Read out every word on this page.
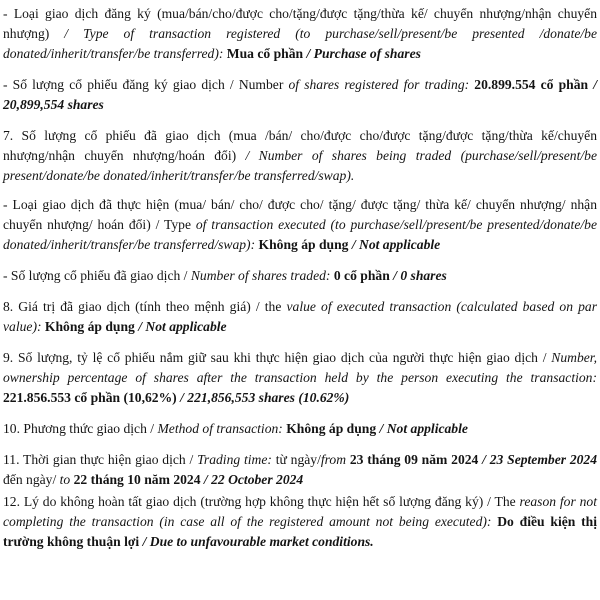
- Loại giao dịch đăng ký (mua/bán/cho/được cho/tặng/được tặng/thừa kế/ chuyển nhượng/nhận chuyển nhượng) / Type of transaction registered (to purchase/sell/present/be presented /donate/be donated/inherit/transfer/be transferred): Mua cổ phần / Purchase of shares

- Số lượng cổ phiếu đăng ký giao dịch / Number of shares registered for trading: 20.899.554 cổ phần / 20,899,554 shares

7. Số lượng cổ phiếu đã giao dịch (mua /bán/ cho/được cho/được tặng/được tặng/thừa kế/chuyển nhượng/nhận chuyển nhượng/hoán đổi) / Number of shares being traded (purchase/sell/present/be present/donate/be donated/inherit/transfer/be transferred/swap).

- Loại giao dịch đã thực hiện (mua/ bán/ cho/ được cho/ tặng/ được tặng/ thừa kế/ chuyển nhượng/ nhận chuyển nhượng/ hoán đổi) / Type of transaction executed (to purchase/sell/present/be presented/donate/be donated/inherit/transfer/be transferred/swap): Không áp dụng / Not applicable

- Số lượng cổ phiếu đã giao dịch / Number of shares traded: 0 cổ phần / 0 shares

8. Giá trị đã giao dịch (tính theo mệnh giá) / the value of executed transaction (calculated based on par value): Không áp dụng / Not applicable

9. Số lượng, tỷ lệ cổ phiếu nắm giữ sau khi thực hiện giao dịch của người thực hiện giao dịch / Number, ownership percentage of shares after the transaction held by the person executing the transaction: 221.856.553 cổ phần (10,62%) / 221,856,553 shares (10.62%)

10. Phương thức giao dịch / Method of transaction: Không áp dụng / Not applicable

11. Thời gian thực hiện giao dịch / Trading time: từ ngày/from 23 tháng 09 năm 2024 / 23 September 2024 đến ngày/ to 22 tháng 10 năm 2024 / 22 October 2024

12. Lý do không hoàn tất giao dịch (trường hợp không thực hiện hết số lượng đăng ký) / The reason for not completing the transaction (in case all of the registered amount not being executed): Do điều kiện thị trường không thuận lợi / Due to unfavourable market conditions.
